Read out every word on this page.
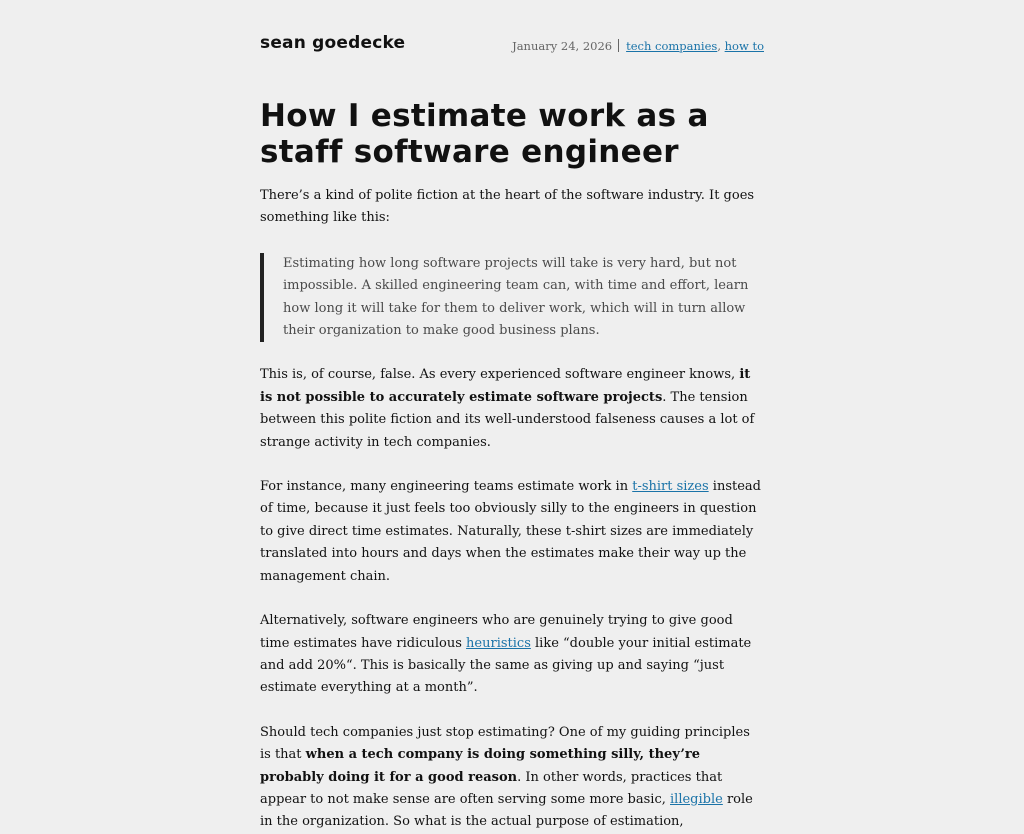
sean goedecke	January 24, 2026 tech companies, how to
How I estimate work as a staff software engineer

There’s a kind of polite fiction at the heart of the software industry. It goes something like this:

Estimating how long software projects will take is very hard, but not impossible. A skilled engineering team can, with time and effort, learn how long it will take for them to deliver work, which will in turn allow their organization to make good business plans.

This is, of course, false. As every experienced software engineer knows, it is not possible to accurately estimate software projects. The tension between this polite fiction and its well-understood falseness causes a lot of strange activity in tech companies.

For instance, many engineering teams estimate work in t-shirt sizes instead of time, because it just feels too obviously silly to the engineers in question to give direct time estimates. Naturally, these t-shirt sizes are immediately translated into hours and days when the estimates make their way up the management chain.

Alternatively, software engineers who are genuinely trying to give good time estimates have ridiculous heuristics like “double your initial estimate and add 20%“. This is basically the same as giving up and saying “just estimate everything at a month”.

Should tech companies just stop estimating? One of my guiding principles is that when a tech company is doing something silly, they’re probably doing it for a good reason. In other words, practices that appear to not make sense are often serving some more basic, illegible role in the organization. So what is the actual purpose of estimation,
